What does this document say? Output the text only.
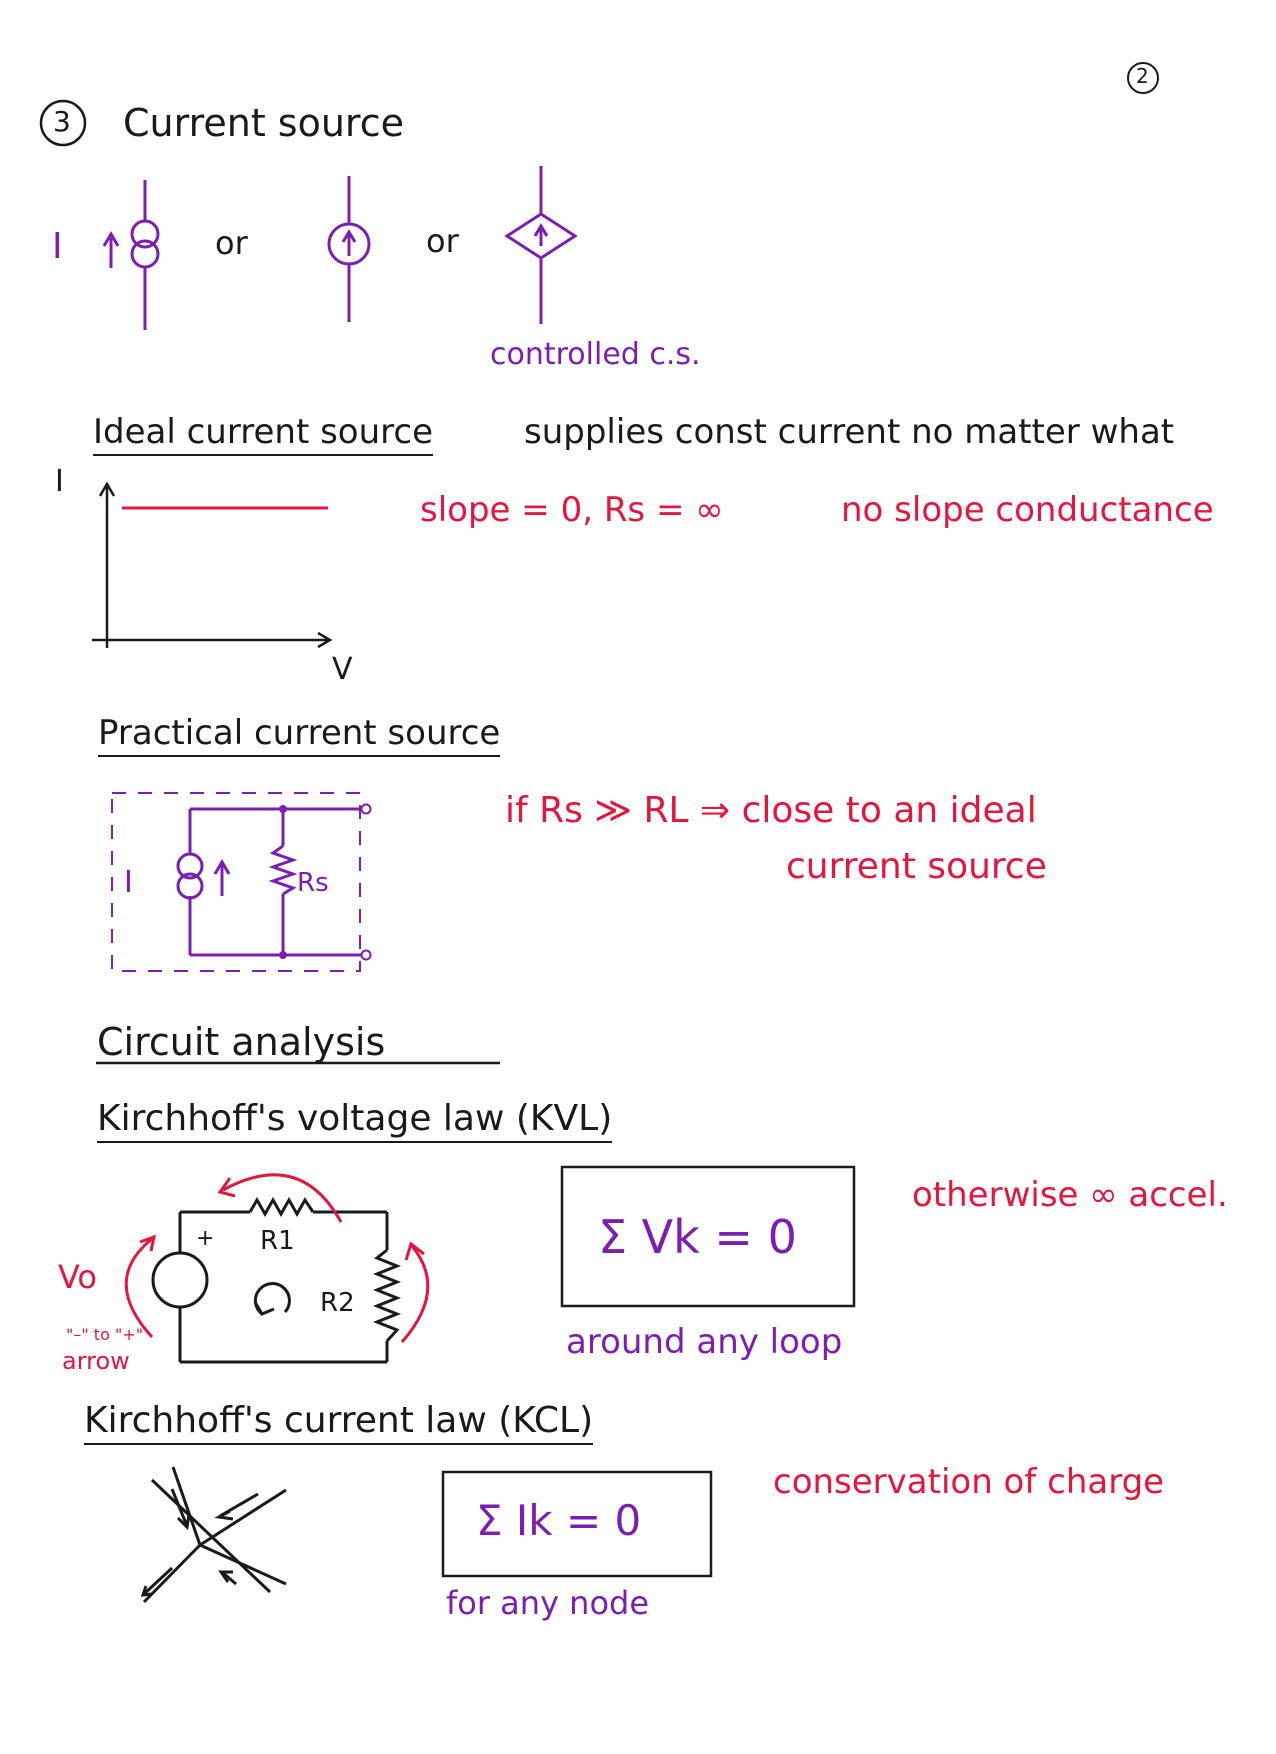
2
3 Current source
I	or	or
controlled c.s.
Ideal current source	supplies const current no matter what
I
V
slope = 0, Rs = ∞	no slope conductance
Practical current source
I	Rs
if Rs ≫ RL ⇒ close to an ideal
current source
Circuit analysis
Kirchhoff's voltage law (KVL)
Vo
+ R1
R2
"–" to "+"
arrow
Σ Vk = 0
around any loop
otherwise ∞ accel.
Kirchhoff's current law (KCL)
Σ Ik = 0
for any node
conservation of charge
